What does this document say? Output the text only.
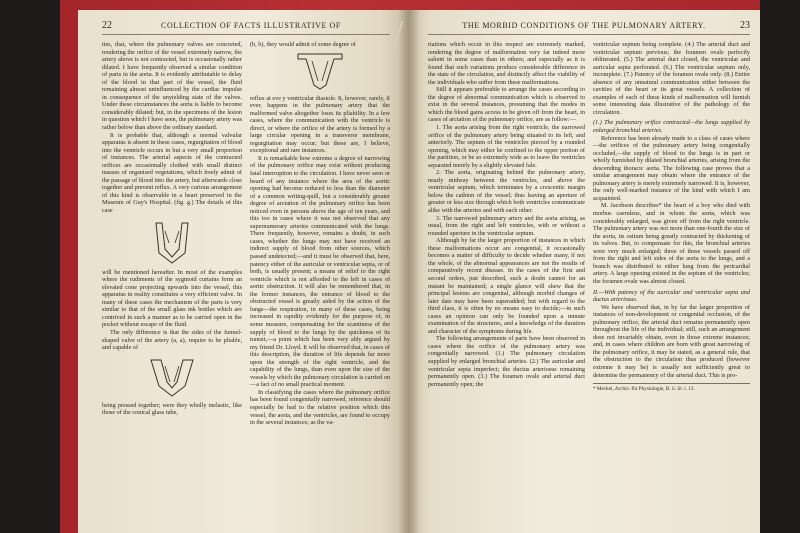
22	COLLECTION OF FACTS ILLUSTRATIVE OF

ties, that, where the pulmonary valves are concreted, rendering the orifice of the vessel extremely narrow, the artery above is not contracted, but is occasionally rather dilated. I have frequently observed a similar condition of parts in the aorta. It is evidently attributable to delay of the blood in that part of the vessel, the fluid remaining almost uninfluenced by the cardiac impulse in consequence of the unyielding state of the valves. Under these circumstances the aorta is liable to become considerably dilated; but, in the specimens of the lesion in question which I have seen, the pulmonary artery was rather below than above the ordinary standard.

It is probable that, although a normal valvular apparatus is absent in these cases, regurgitation of blood into the ventricle occurs in but a very small proportion of instances. The arterial aspects of the contracted orifices are occasionally clothed with small distinct masses of organised vegetations, which freely admit of the passage of blood into the artery, but afterwards close together and prevent reflux. A very curious arrangement of this kind is observable in a heart preserved in the Museum of Guy's Hospital. (fig. g.) The details of this case

will be mentioned hereafter. In most of the examples where the rudiments of the sygmoid curtains form an elevated cone projecting upwards into the vessel, this apparatus in reality constitutes a very efficient valve. In many of these cases the mechanism of the parts is very similar to that of the small glass ink bottles which are contrived in such a manner as to be carried open in the pocket without escape of the fluid.

The only difference is that the sides of the funnel-shaped valve of the artery (a, a), require to be pliable, and capable of

being pressed together; were they wholly inelastic, like those of the conical glass tube,

(b, b), they would admit of some degree of

reflux at eve y ventricular diastole. It, however, rarely, if ever, happens in the pulmonary artery that the malformed valve altogether loses its pliability. In a few cases, where the communication with the ventricle is direct, or where the orifice of the artery is formed by a large circular opening in a transverse membrane, regurgitation may occur; but these are, I believe, exceptional and rare instances.

It is remarkable how extreme a degree of narrowing of the pulmonary orifice may exist without producing fatal interruption to the circulation. I have never seen or heard of any instance where the area of the aortic opening had become reduced to less than the diameter of a common writing-quill, but a considerably greater degree of arctation of the pulmonary orifice has been noticed even in persons above the age of ten years, and this too in cases where it was not observed that any supernumerary arteries communicated with the lungs. There frequently, however, remains a doubt, in such cases, whether the lungs may not have received an indirect supply of blood from other sources, which passed undetected;—and it must be observed that, here, patency either of the auricular or ventricular septa, or of both, is usually present; a means of relief to the right ventricle which is not afforded to the left in cases of aortic obstruction. It will also be remembered that, in the former instances, the entrance of blood to the obstructed vessel is greatly aided by the action of the lungs—the respiration, in many of these cases, being increased in rapidity evidently for the purpose of, in some measure, compensating for the scantiness of the supply of blood to the lungs by the quickness of its transit,—a point which has been very ably argued by my friend Dr. Lloyd. It will be observed that, in cases of this description, the duration of life depends far more upon the strength of the right ventricle, and the capability of the lungs, than even upon the size of the vessels by which the pulmonary circulation is carried on—a fact of no small practical moment.

In classifying the cases where the pulmonary orifice has been found congenitally narrowed, reference should especially be had to the relative position which this vessel, the aorta, and the ventricles, are found to occupy in the several instances; as the va-

THE MORBID CONDITIONS OF THE PULMONARY ARTERY.	23

riations which occur in this respect are extremely marked, rendering the degree of malformation very far indeed more salient in some cases than in others; and especially as it is found that such variations produce considerable difference in the state of the circulation, and distinctly affect the viability of the individuals who suffer from these malformations.

Still it appears preferable to arrange the cases according to the degree of abnormal communication which is observed to exist in the several instances, presuming that the modes in which the blood gains access to be given off from the heart, in cases of arctation of the pulmonary orifice, are as follow:—

1. The aorta arising from the right ventricle, the narrowed orifice of the pulmonary artery being situated to its left, and anteriorly. The septum of the ventricles pierced by a rounded opening, which may either be confined to the upper portion of the partition, or be so extremely wide as to leave the ventricles separated merely by a slightly elevated fale.

2. The aorta, originating behind the pulmonary artery, nearly midway between the ventricles, and above the ventricular septum, which terminates by a crescentic margin below the cathion of the vessel; thus leaving an aperture of greater or less size through which both ventricles communicate alike with the arteries and with each other.

3. The narrowed pulmonary artery and the aorta arising, as usual, from the right and left ventricles, with or without a rounded aperture in the ventricular septum.

Although by far the larger proportion of instances in which these malformations occur are congenital, it occasionally becomes a matter of difficulty to decide whether many, if not the whole, of the abnormal appearances are not the results of comparatively recent disease. In the cases of the first and second orders, just described, such a doubt cannot for an instant be maintained; a single glance will shew that the principal lesions are congenital, although morbid changes of later date may have been superadded; but with regard to the third class, it is often by no means easy to decide;—in such cases an opinion can only be founded upon a minute examination of the structures, and a knowledge of the duration and character of the symptoms during life.

The following arrangements of parts have been observed in cases where the orifice of the pulmonary artery was congenitally narrowed. (1.) The pulmonary circulation supplied by enlarged bronchial arteries. (2.) The auricular and ventricular septa imperfect; the ductus arteriosus remaining permanently open. (3.) The foramen ovale and arterial duct permanently open; the

ventricular septum being complete. (4.) The arterial duct and ventricular septum pervious; the foramen ovale perfectly obliterated. (5.) The arterial duct closed, the ventricular and auricular septa perforated. (6.) The ventricular septum only, incomplete. (7.) Patency of the foramen ovale only. (8.) Entire absence of any unnatural communication either between the cavities of the heart or its great vessels. A collection of examples of each of these kinds of malformation will furnish some interesting data illustrative of the pathology of the circulation.

(1.) The pulmonary orifice contracted—the lungs supplied by enlarged bronchial arteries.

Reference has been already made to a class of cases where—the orifices of the pulmonary artery being congenitally occluded,—the supply of blood to the lungs is in part or wholly furnished by dilated bronchial arteries, arising from the descending thoracic aorta. The following case proves that a similar arrangement may obtain where the entrance of the pulmonary artery is merely extremely narrowed. It is, however, the only well-marked instance of the kind with which I am acquainted.

M. Jacobson describes* the heart of a boy who died with morbus caeruleus, and in whom the aorta, which was considerably enlarged, was given off from the right ventricle. The pulmonary artery was not more than one-fourth the size of the aorta, its ostium being greatly contracted by thickening of its valves. But, to compensate for this, the bronchial arteries were very much enlarged; three of these vessels passed off from the right and left sides of the aorta to the lungs, and a branch was distributed to either lung from the pericardial artery. A large opening existed in the septum of the ventricles; the foramen ovale was almost closed.

II.—With patency of the auricular and ventricular septa and ductus arteriosus.

We have observed that, in by far the larger proportion of instances of non-development or congenital occlusion, of the pulmonary orifice, the arterial duct remains permanently open throughout the life of the individual; still, such an arrangement does not invariably obtain, even in those extreme instances; and, in cases where children are born with great narrowing of the pulmonary orifice, it may be stated, as a general rule, that the obstruction to the circulation thus produced (however extreme it may be) is usually not sufficiently great to determine the permanency of the arterial duct. This is pro-

* Meckel, Archiv. für Physiologie, B. ii. St. i. 13.
